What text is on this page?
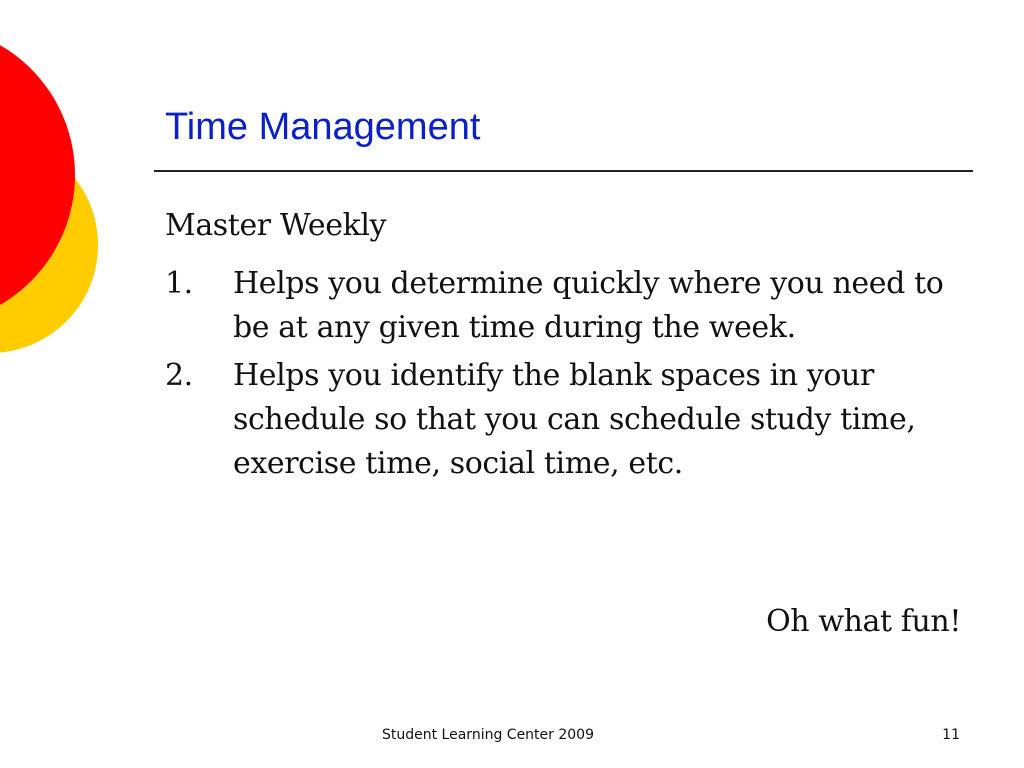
Time Management

Master Weekly

1. Helps you determine quickly where you need to be at any given time during the week.
2. Helps you identify the blank spaces in your schedule so that you can schedule study time, exercise time, social time, etc.

Oh what fun!

Student Learning Center 2009	11
